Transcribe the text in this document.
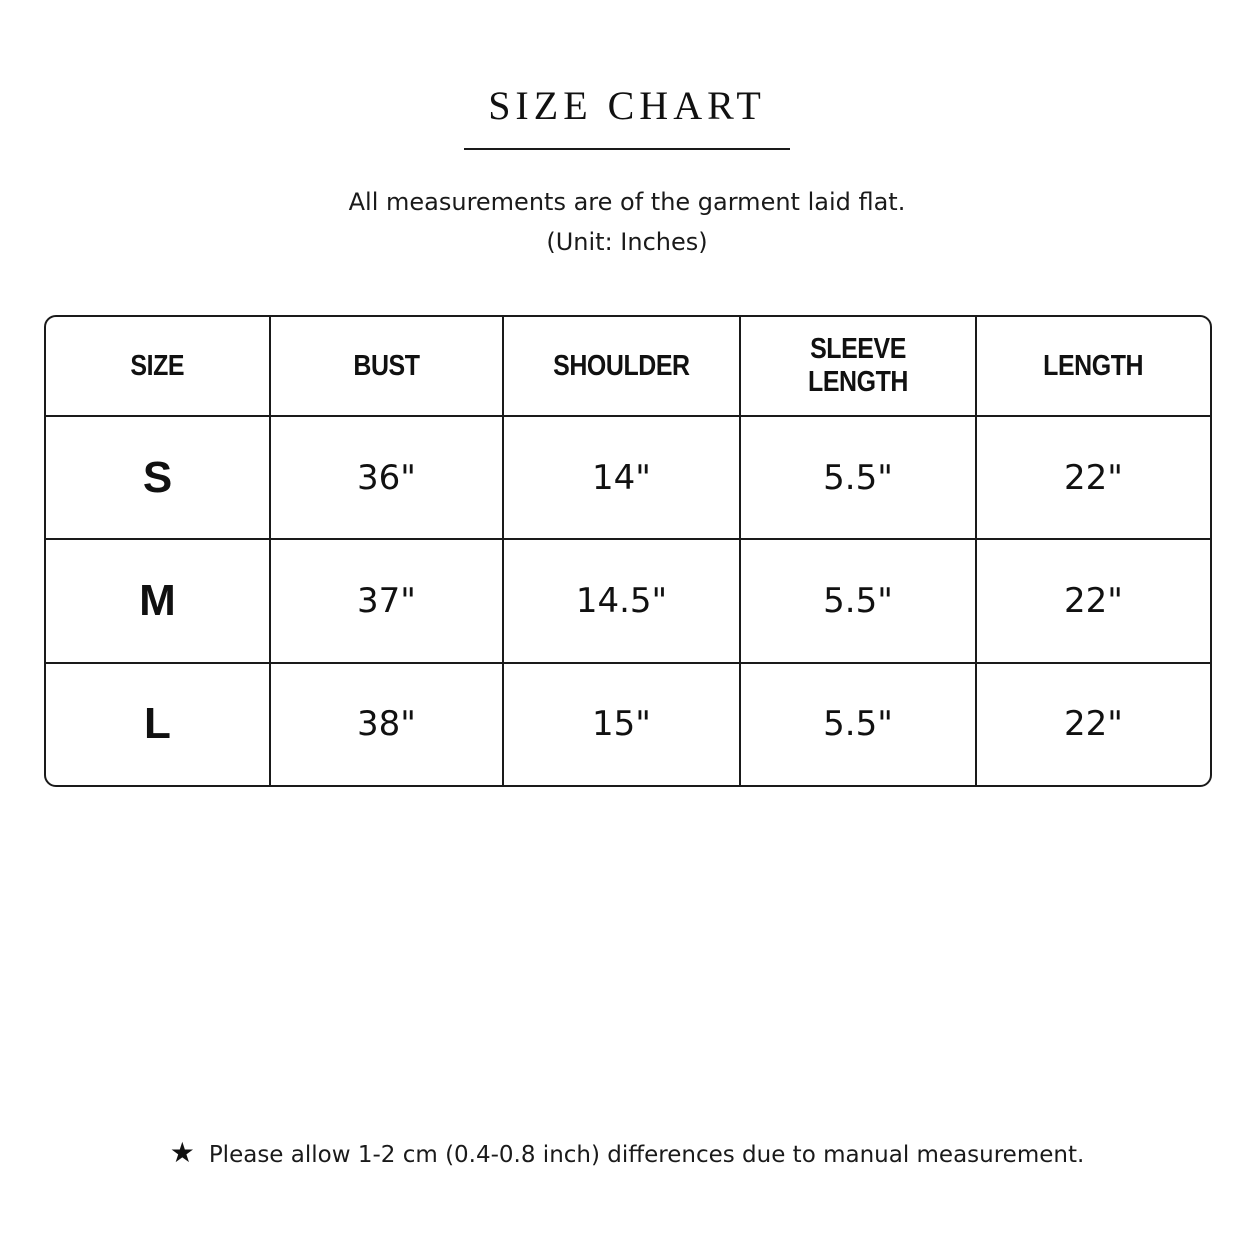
SIZE CHART
All measurements are of the garment laid flat.
(Unit: Inches)
SIZE	BUST	SHOULDER	SLEEVE LENGTH	LENGTH
S	36"	14"	5.5"	22"
M	37"	14.5"	5.5"	22"
L	38"	15"	5.5"	22"
★ Please allow 1-2 cm (0.4-0.8 inch) differences due to manual measurement.
